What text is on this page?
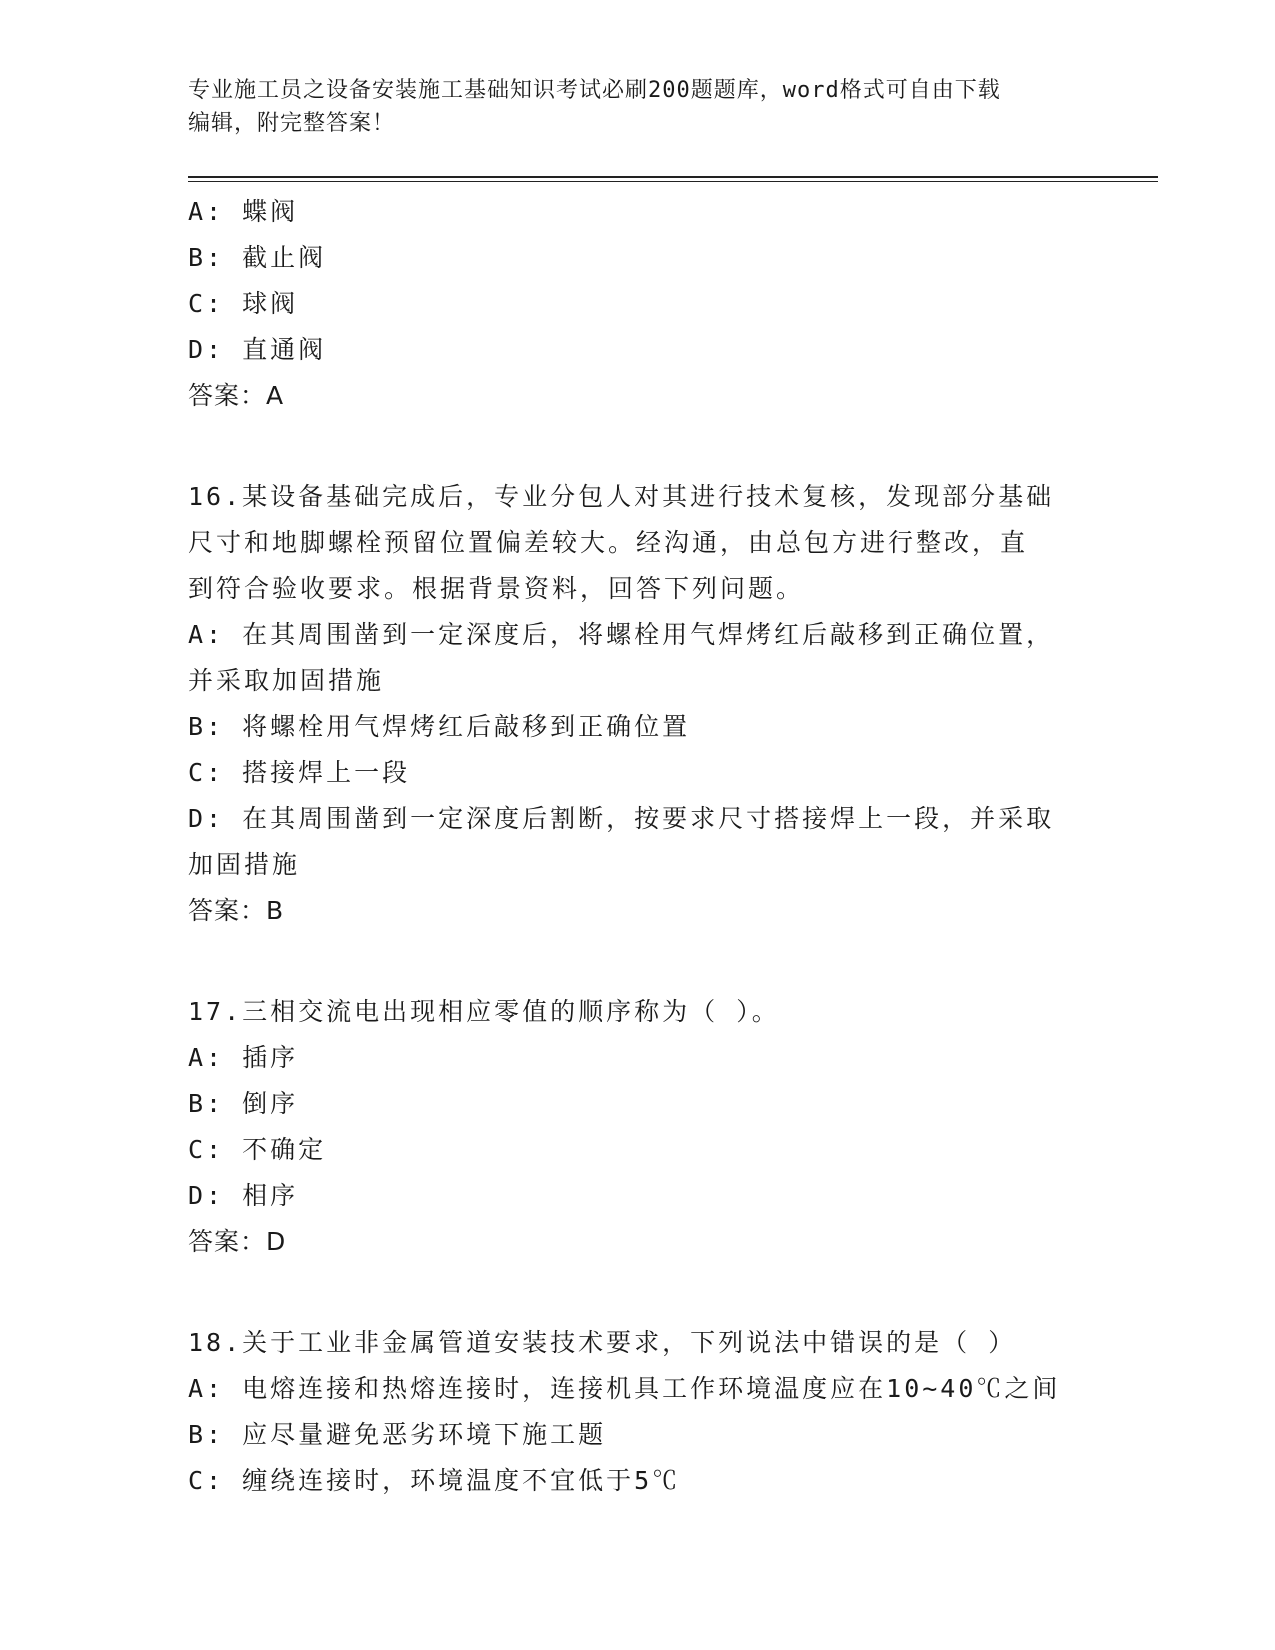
专业施工员之设备安装施工基础知识考试必刷200题题库，word格式可自由下载
编辑，附完整答案！
A: 蝶阀
B: 截止阀
C: 球阀
D: 直通阀
答案：A
16.某设备基础完成后，专业分包人对其进行技术复核，发现部分基础
尺寸和地脚螺栓预留位置偏差较大。经沟通，由总包方进行整改，直
到符合验收要求。根据背景资料，回答下列问题。
A: 在其周围凿到一定深度后，将螺栓用气焊烤红后敲移到正确位置，
并采取加固措施
B: 将螺栓用气焊烤红后敲移到正确位置
C: 搭接焊上一段
D: 在其周围凿到一定深度后割断，按要求尺寸搭接焊上一段，并采取
加固措施
答案：B
17.三相交流电出现相应零值的顺序称为（ ）。
A: 插序
B: 倒序
C: 不确定
D: 相序
答案：D
18.关于工业非金属管道安装技术要求，下列说法中错误的是（ ）
A: 电熔连接和热熔连接时，连接机具工作环境温度应在10~40℃之间
B: 应尽量避免恶劣环境下施工题
C: 缠绕连接时，环境温度不宜低于5℃
